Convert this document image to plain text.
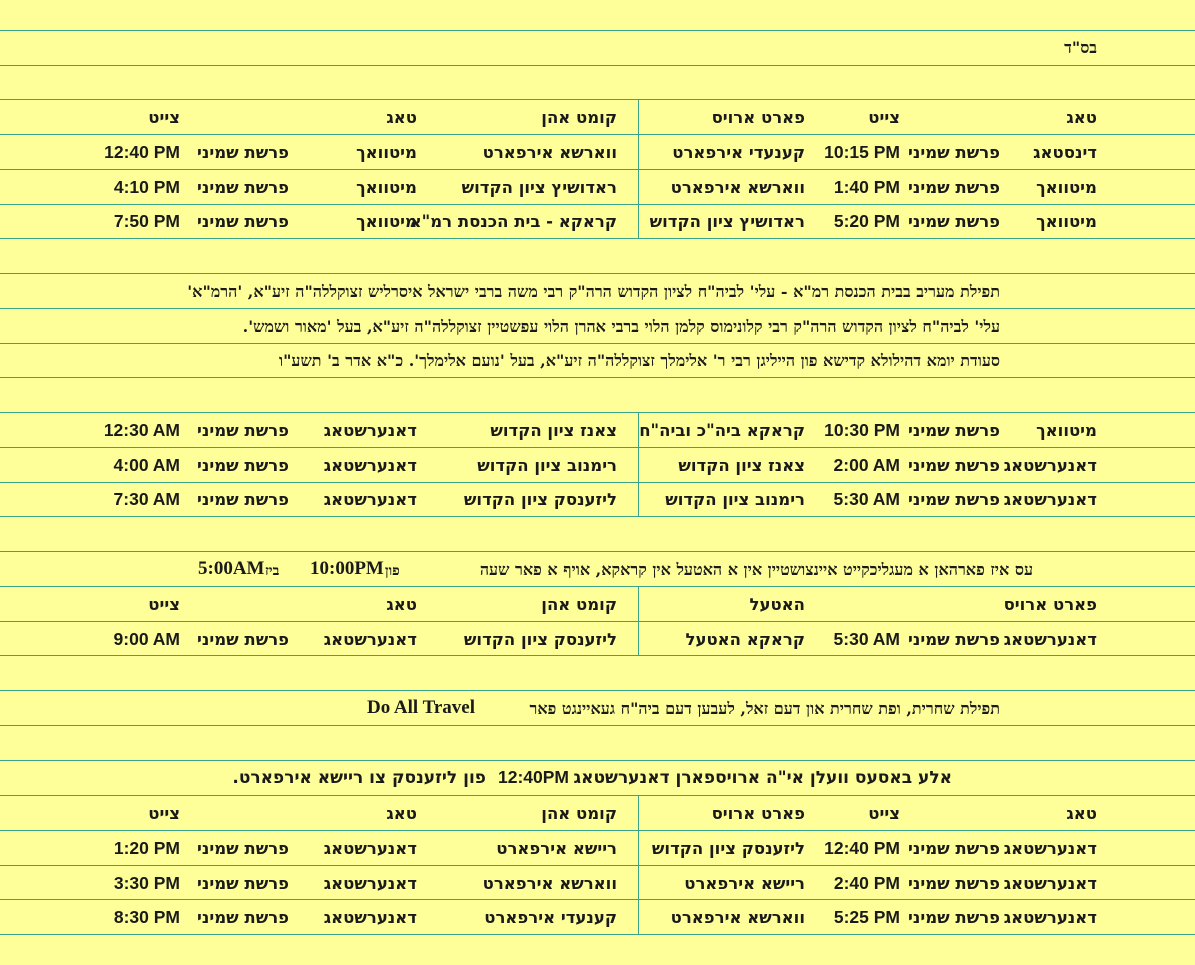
בס"ד
טאג
צייט
פארט ארויס
קומט אהן
טאג
צייט
דינסטאג
פרשת שמיני
10:15 PM
קענעדי אירפארט
ווארשא אירפארט
מיטוואך
פרשת שמיני
12:40 PM
מיטוואך
פרשת שמיני
1:40 PM
ווארשא אירפארט
ראדושיץ ציון הקדוש
מיטוואך
פרשת שמיני
4:10 PM
מיטוואך
פרשת שמיני
5:20 PM
ראדושיץ ציון הקדוש
קראקא - בית הכנסת רמ"א
מיטוואך
פרשת שמיני
7:50 PM
תפילת מעריב בבית הכנסת רמ"א - עלי' לביה"ח לציון הקדוש הרה"ק רבי משה ברבי ישראל איסרליש זצוקללה"ה זיע"א, 'הרמ"א'
עלי' לביה"ח לציון הקדוש הרה"ק רבי קלונימוס קלמן הלוי ברבי אהרן הלוי עפשטיין זצוקללה"ה זיע"א, בעל 'מאור ושמש'.
סעודת יומא דהילולא קדישא פון הייליגן רבי ר' אלימלך זצוקללה"ה זיע"א, בעל 'נועם אלימלך'. כ"א אדר ב' תשע"ו
מיטוואך
פרשת שמיני
10:30 PM
קראקא ביה"כ וביה"ח
צאנז ציון הקדוש
דאנערשטאג
פרשת שמיני
12:30 AM
דאנערשטאג
פרשת שמיני
2:00 AM
צאנז ציון הקדוש
רימנוב ציון הקדוש
דאנערשטאג
פרשת שמיני
4:00 AM
דאנערשטאג
פרשת שמיני
5:30 AM
רימנוב ציון הקדוש
ליזענסק ציון הקדוש
דאנערשטאג
פרשת שמיני
7:30 AM
עס איז פארהאן א מעגליכקייט איינצושטיין אין א האטעל אין קראקא, אויף א פאר שעה
פון
10:00PM
ביז
5:00AM
פארט ארויס
האטעל
קומט אהן
טאג
צייט
דאנערשטאג
פרשת שמיני
5:30 AM
קראקא האטעל
ליזענסק ציון הקדוש
דאנערשטאג
פרשת שמיני
9:00 AM
תפילת שחרית, ופת שחרית און דעם זאל, לעבען דעם ביה"ח געאיינגט פאר
Do All Travel
אלע באסעס וועלן אי"ה ארויספארן דאנערשטאג
12:40PM
פון ליזענסק צו ריישא אירפארט.
טאג
צייט
פארט ארויס
קומט אהן
טאג
צייט
דאנערשטאג
פרשת שמיני
12:40 PM
ליזענסק ציון הקדוש
ריישא אירפארט
דאנערשטאג
פרשת שמיני
1:20 PM
דאנערשטאג
פרשת שמיני
2:40 PM
ריישא אירפארט
ווארשא אירפארט
דאנערשטאג
פרשת שמיני
3:30 PM
דאנערשטאג
פרשת שמיני
5:25 PM
ווארשא אירפארט
קענעדי אירפארט
דאנערשטאג
פרשת שמיני
8:30 PM
